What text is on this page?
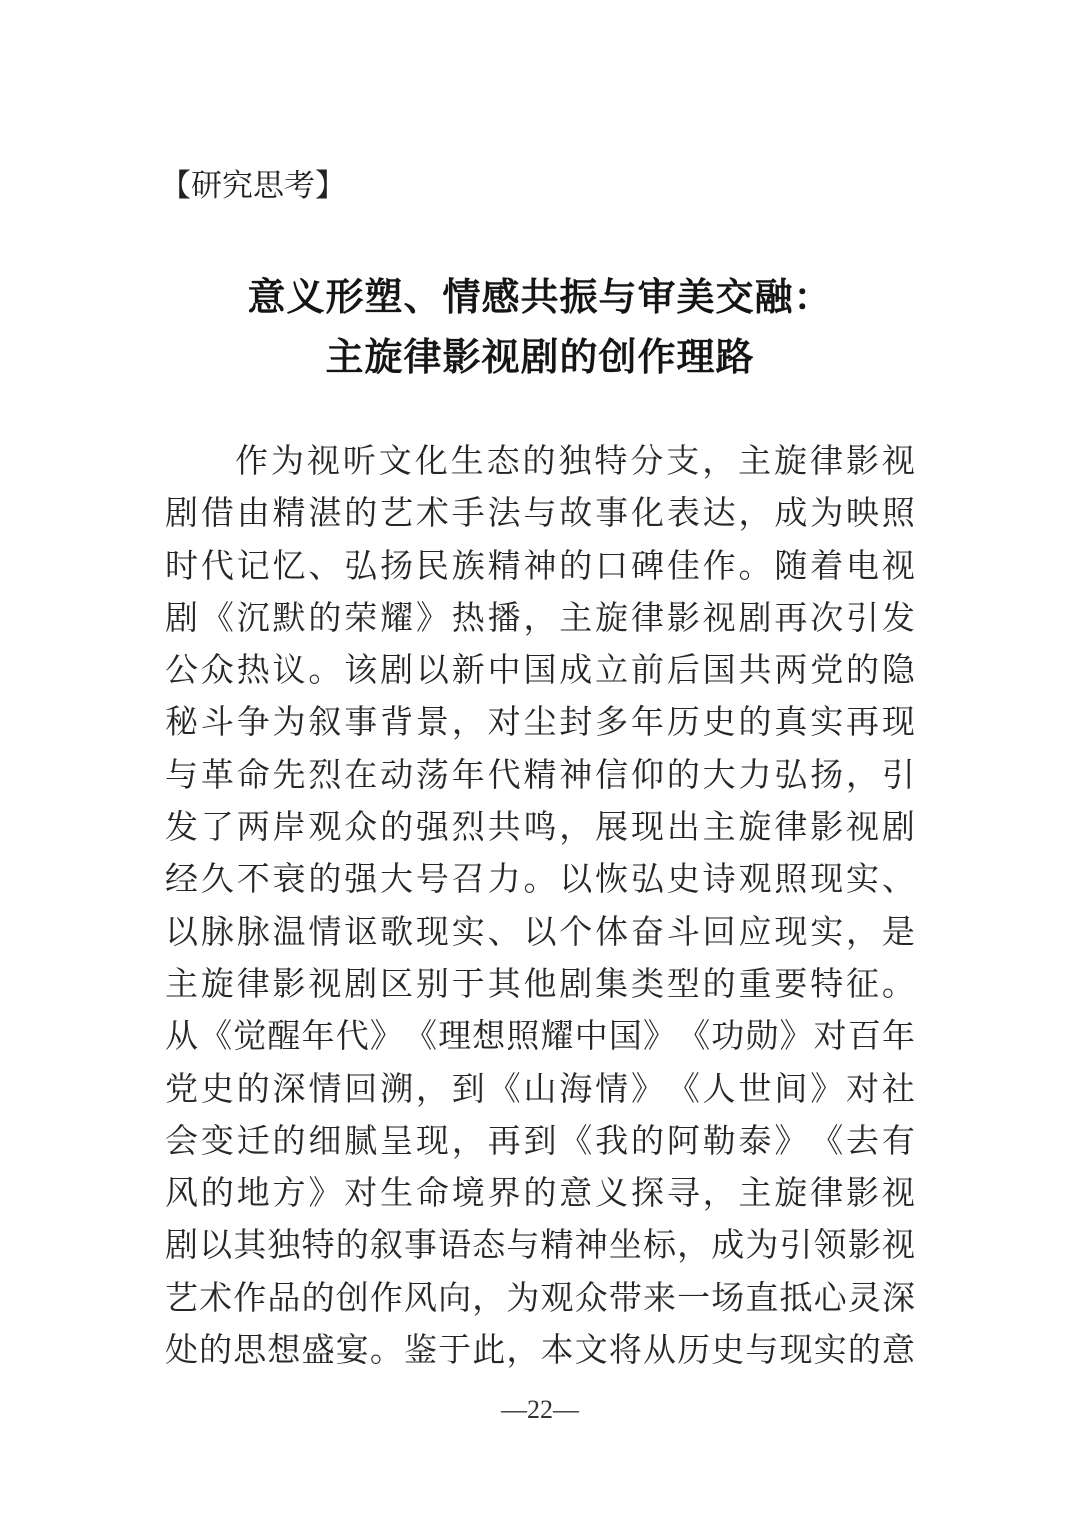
【研究思考】
意义形塑、情感共振与审美交融：
主旋律影视剧的创作理路
作 为 视 听 文 化 生 态 的 独 特 分 支 ， 主 旋 律 影 视
剧 借 由 精 湛 的 艺 术 手 法 与 故 事 化 表 达 ， 成 为 映 照
时 代 记 忆 、 弘 扬 民 族 精 神 的 口 碑 佳 作 。 随 着 电 视
剧 《 沉 默 的 荣 耀 》 热 播 ， 主 旋 律 影 视 剧 再 次 引 发
公 众 热 议 。 该 剧 以 新 中 国 成 立 前 后 国 共 两 党 的 隐
秘 斗 争 为 叙 事 背 景 ， 对 尘 封 多 年 历 史 的 真 实 再 现
与 革 命 先 烈 在 动 荡 年 代 精 神 信 仰 的 大 力 弘 扬 ， 引
发 了 两 岸 观 众 的 强 烈 共 鸣 ， 展 现 出 主 旋 律 影 视 剧
经 久 不 衰 的 强 大 号 召 力 。 以 恢 弘 史 诗 观 照 现 实 、
以 脉 脉 温 情 讴 歌 现 实 、 以 个 体 奋 斗 回 应 现 实 ， 是
主 旋 律 影 视 剧 区 别 于 其 他 剧 集 类 型 的 重 要 特 征 。
从 《 觉 醒 年 代 》 《 理 想 照 耀 中 国 》 《 功 勋 》 对 百 年
党 史 的 深 情 回 溯 ， 到 《 山 海 情 》 《 人 世 间 》 对 社
会 变 迁 的 细 腻 呈 现 ， 再 到 《 我 的 阿 勒 泰 》 《 去 有
风 的 地 方 》 对 生 命 境 界 的 意 义 探 寻 ， 主 旋 律 影 视
剧 以 其 独 特 的 叙 事 语 态 与 精 神 坐 标 ， 成 为 引 领 影 视
艺 术 作 品 的 创 作 风 向 ， 为 观 众 带 来 一 场 直 抵 心 灵 深
处 的 思 想 盛 宴 。 鉴 于 此 ， 本 文 将 从 历 史 与 现 实 的 意
—22—
